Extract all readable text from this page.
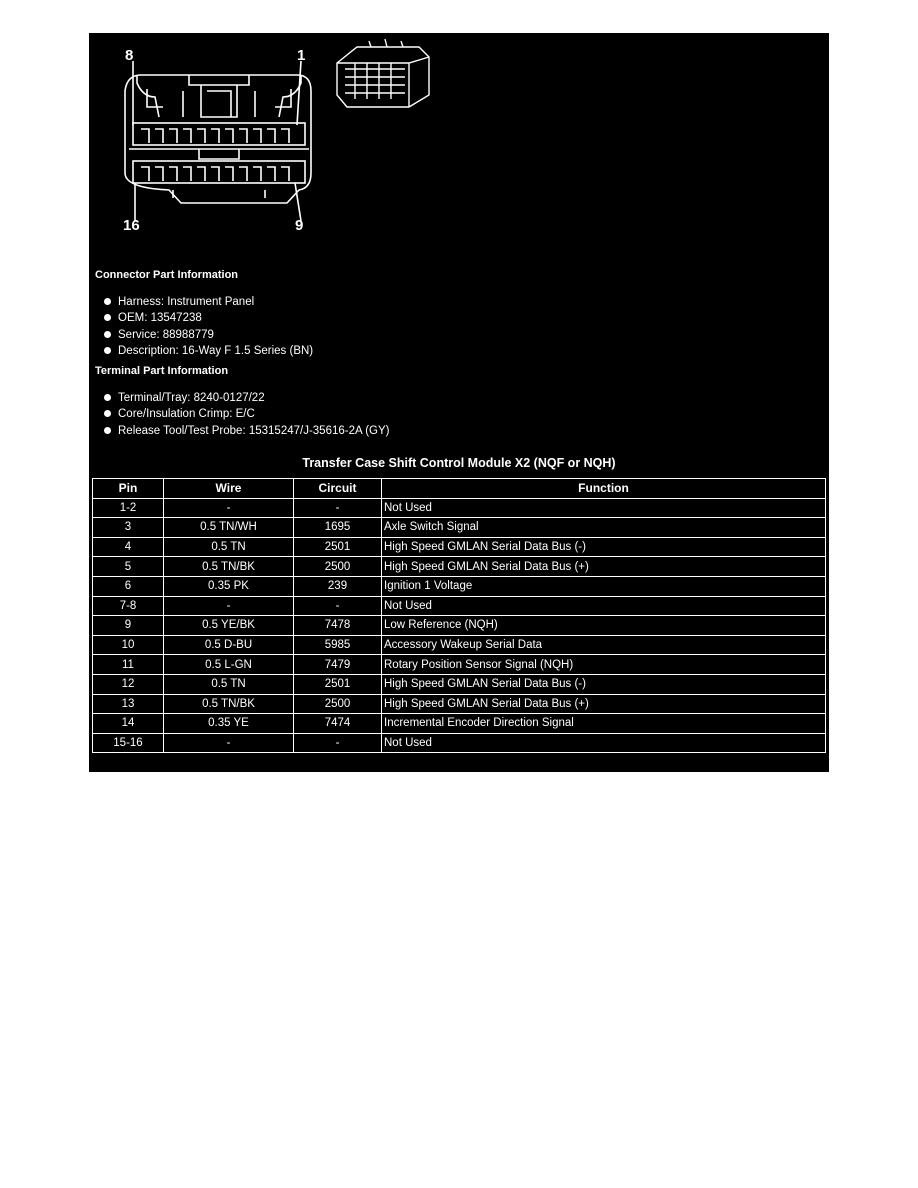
8	1
16	9
Connector Part Information
Harness: Instrument Panel
OEM: 13547238
Service: 88988779
Description: 16-Way F 1.5 Series (BN)
Terminal Part Information
Terminal/Tray: 8240-0127/22
Core/Insulation Crimp: E/C
Release Tool/Test Probe: 15315247/J-35616-2A (GY)
Transfer Case Shift Control Module X2 (NQF or NQH)
Pin	Wire	Circuit	Function
1-2	-	-	Not Used
3	0.5 TN/WH	1695	Axle Switch Signal
4	0.5 TN	2501	High Speed GMLAN Serial Data Bus (-)
5	0.5 TN/BK	2500	High Speed GMLAN Serial Data Bus (+)
6	0.35 PK	239	Ignition 1 Voltage
7-8	-	-	Not Used
9	0.5 YE/BK	7478	Low Reference (NQH)
10	0.5 D-BU	5985	Accessory Wakeup Serial Data
11	0.5 L-GN	7479	Rotary Position Sensor Signal (NQH)
12	0.5 TN	2501	High Speed GMLAN Serial Data Bus (-)
13	0.5 TN/BK	2500	High Speed GMLAN Serial Data Bus (+)
14	0.35 YE	7474	Incremental Encoder Direction Signal
15-16	-	-	Not Used
